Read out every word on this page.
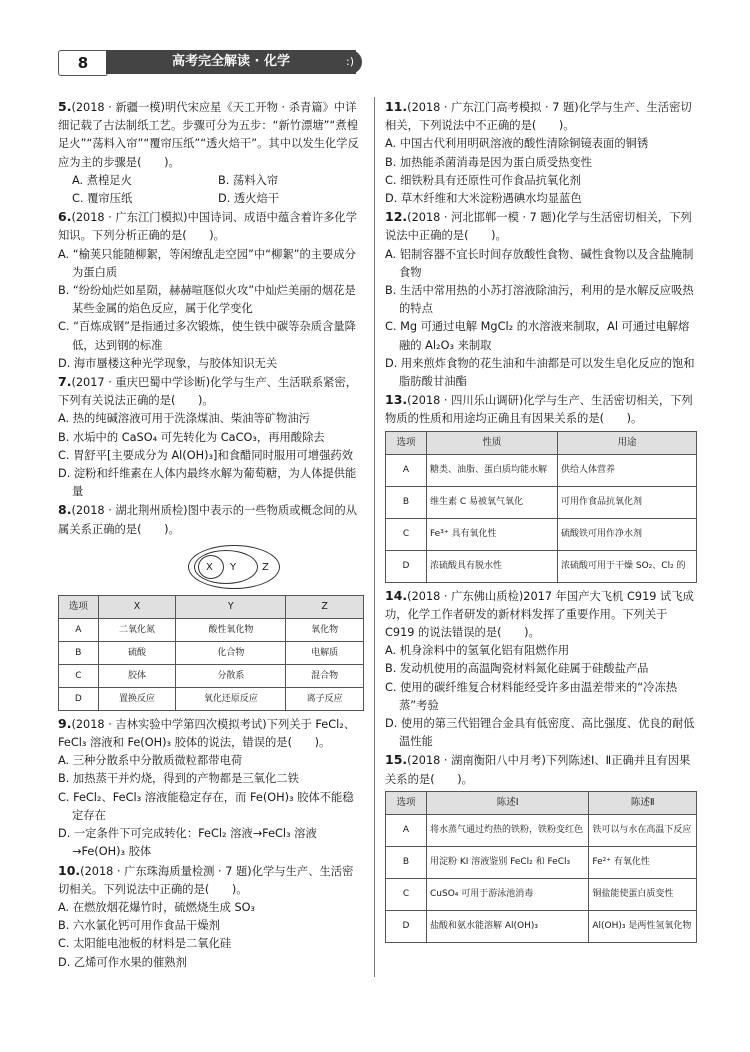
8	高考完全解读 · 化学	:)

5.(2018 · 新疆一模)明代宋应星《天工开物 · 杀青篇》中详细记载了古法制纸工艺。步骤可分为五步：“新竹漂塘”“煮楻足火”“荡料入帘”“覆帘压纸”“透火焙干”。其中以发生化学反应为主的步骤是(　　)。

A. 煮楻足火	B. 荡料入帘
C. 覆帘压纸	D. 透火焙干

6.(2018 · 广东江门模拟)中国诗词、成语中蕴含着许多化学知识。下列分析正确的是(　　)。

A. “榆荚只能随柳絮，等闲缭乱走空园”中“柳絮”的主要成分为蛋白质

B. “纷纷灿烂如星陨，赫赫喧豗似火攻”中灿烂美丽的烟花是某些金属的焰色反应，属于化学变化

C. “百炼成钢”是指通过多次锻炼，使生铁中碳等杂质含量降低，达到钢的标准

D. 海市蜃楼这种光学现象，与胶体知识无关

7.(2017 · 重庆巴蜀中学诊断)化学与生产、生活联系紧密，下列有关说法正确的是(　　)。

A. 热的纯碱溶液可用于洗涤煤油、柴油等矿物油污

B. 水垢中的 CaSO₄ 可先转化为 CaCO₃，再用酸除去

C. 胃舒平[主要成分为 Al(OH)₃]和食醋同时服用可增强药效

D. 淀粉和纤维素在人体内最终水解为葡萄糖，为人体提供能量

8.(2018 · 湖北荆州质检)图中表示的一些物质或概念间的从属关系正确的是(　　)。

X Y	Z
选项	X	Y	Z
A	二氧化氮	酸性氧化物	氧化物
B	硫酸	化合物	电解质
C	胶体	分散系	混合物
D	置换反应	氧化还原反应	离子反应

9.(2018 · 吉林实验中学第四次模拟考试)下列关于 FeCl₂、FeCl₃ 溶液和 Fe(OH)₃ 胶体的说法，错误的是(　　)。

A. 三种分散系中分散质微粒都带电荷

B. 加热蒸干并灼烧，得到的产物都是三氧化二铁

C. FeCl₂、FeCl₃ 溶液能稳定存在，而 Fe(OH)₃ 胶体不能稳定存在

D. 一定条件下可完成转化：FeCl₂ 溶液→FeCl₃ 溶液→Fe(OH)₃ 胶体

10.(2018 · 广东珠海质量检测 · 7 题)化学与生产、生活密切相关。下列说法中正确的是(　　)。

A. 在燃放烟花爆竹时，硫燃烧生成 SO₃

B. 六水氯化钙可用作食品干燥剂

C. 太阳能电池板的材料是二氧化硅

D. 乙烯可作水果的催熟剂

11.(2018 · 广东江门高考模拟 · 7 题)化学与生产、生活密切相关，下列说法中不正确的是(　　)。

A. 中国古代利用明矾溶液的酸性清除铜镜表面的铜锈

B. 加热能杀菌消毒是因为蛋白质受热变性

C. 细铁粉具有还原性可作食品抗氧化剂

D. 草木纤维和大米淀粉遇碘水均显蓝色

12.(2018 · 河北邯郸一模 · 7 题)化学与生活密切相关，下列说法中正确的是(　　)。

A. 铝制容器不宜长时间存放酸性食物、碱性食物以及含盐腌制食物

B. 生活中常用热的小苏打溶液除油污，利用的是水解反应吸热的特点

C. Mg 可通过电解 MgCl₂ 的水溶液来制取，Al 可通过电解熔融的 Al₂O₃ 来制取

D. 用来煎炸食物的花生油和牛油都是可以发生皂化反应的饱和脂肪酸甘油酯

13.(2018 · 四川乐山调研)化学与生产、生活密切相关，下列物质的性质和用途均正确且有因果关系的是(　　)。

选项	性质	用途
A	糖类、油脂、蛋白质均能水解	供给人体营养
B	维生素 C 易被氧气氧化	可用作食品抗氧化剂
C	Fe³⁺ 具有氧化性	硫酸铁可用作净水剂
D	浓硫酸具有脱水性	浓硫酸可用于干燥 SO₂、Cl₂ 的

14.(2018 · 广东佛山质检)2017 年国产大飞机 C919 试飞成功，化学工作者研发的新材料发挥了重要作用。下列关于 C919 的说法错误的是(　　)。

A. 机身涂料中的氢氧化铝有阻燃作用

B. 发动机使用的高温陶瓷材料氮化硅属于硅酸盐产品

C. 使用的碳纤维复合材料能经受许多由温差带来的“冷冻热蒸”考验

D. 使用的第三代铝锂合金具有低密度、高比强度、优良的耐低温性能

15.(2018 · 湖南衡阳八中月考)下列陈述Ⅰ、Ⅱ正确并且有因果关系的是(　　)。

选项	陈述Ⅰ	陈述Ⅱ
A	将水蒸气通过灼热的铁粉，铁粉变红色	铁可以与水在高温下反应
B	用淀粉 KI 溶液鉴别 FeCl₂ 和 FeCl₃	Fe²⁺ 有氧化性
C	CuSO₄ 可用于游泳池消毒	铜盐能使蛋白质变性
D	盐酸和氨水能溶解 Al(OH)₃	Al(OH)₃ 是两性氢氧化物
